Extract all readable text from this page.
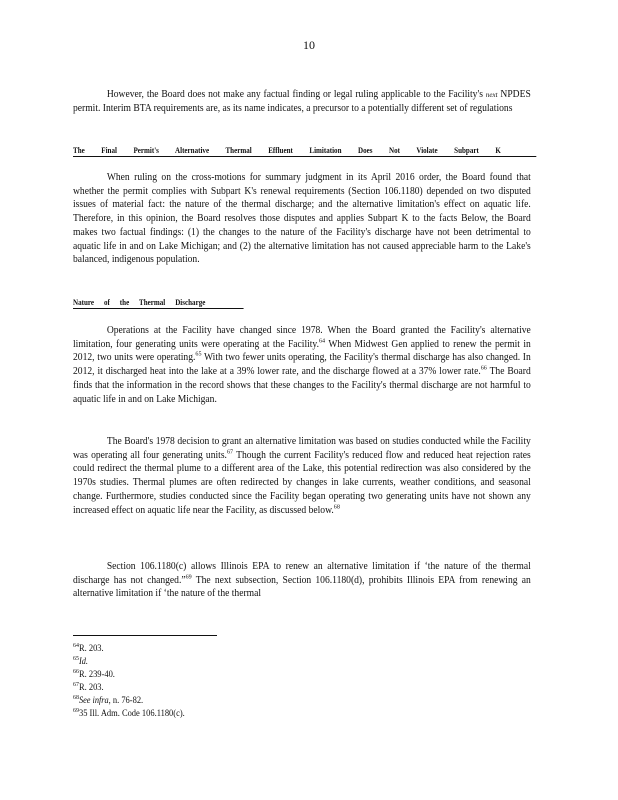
10
However, the Board does not make any factual finding or legal ruling applicable to the Facility's next NPDES permit. Interim BTA requirements are, as its name indicates, a precursor to a potentially different set of regulations
The Final Permit's Alternative Thermal Effluent Limitation Does Not Violate Subpart K
When ruling on the cross-motions for summary judgment in its April 2016 order, the Board found that whether the permit complies with Subpart K's renewal requirements (Section 106.1180) depended on two disputed issues of material fact: the nature of the thermal discharge; and the alternative limitation's effect on aquatic life. Therefore, in this opinion, the Board resolves those disputes and applies Subpart K to the facts Below, the Board makes two factual findings: (1) the changes to the nature of the Facility's discharge have not been detrimental to aquatic life in and on Lake Michigan; and (2) the alternative limitation has not caused appreciable harm to the Lake's balanced, indigenous population.
Nature of the Thermal Discharge
Operations at the Facility have changed since 1978. When the Board granted the Facility's alternative limitation, four generating units were operating at the Facility.$^{64}$ When Midwest Gen applied to renew the permit in 2012, two units were operating.$^{65}$ With two fewer units operating, the Facility's thermal discharge has also changed. In 2012, it discharged heat into the lake at a 39% lower rate, and the discharge flowed at a 37% lower rate.$^{66}$ The Board finds that the information in the record shows that these changes to the Facility's thermal discharge are not harmful to aquatic life in and on Lake Michigan.
The Board's 1978 decision to grant an alternative limitation was based on studies conducted while the Facility was operating all four generating units.$^{67}$ Though the current Facility's reduced flow and reduced heat rejection rates could redirect the thermal plume to a different area of the Lake, this potential redirection was also considered by the 1970s studies. Thermal plumes are often redirected by changes in lake currents, weather conditions, and seasonal change. Furthermore, studies conducted since the Facility began operating two generating units have not shown any increased effect on aquatic life near the Facility, as discussed below.$^{68}$
Section 106.1180(c) allows Illinois EPA to renew an alternative limitation if ‘the nature of the thermal discharge has not changed.”$^{69}$ The next subsection, Section 106.1180(d), prohibits Illinois EPA from renewing an alternative limitation if ‘the nature of the thermal
$^{64}$R. 203.
$^{65}$Id.
$^{66}$R. 239-40.
$^{67}$R. 203.
$^{68}$See infra, n. 76-82.
$^{69}$35 Ill. Adm. Code 106.1180(c).
